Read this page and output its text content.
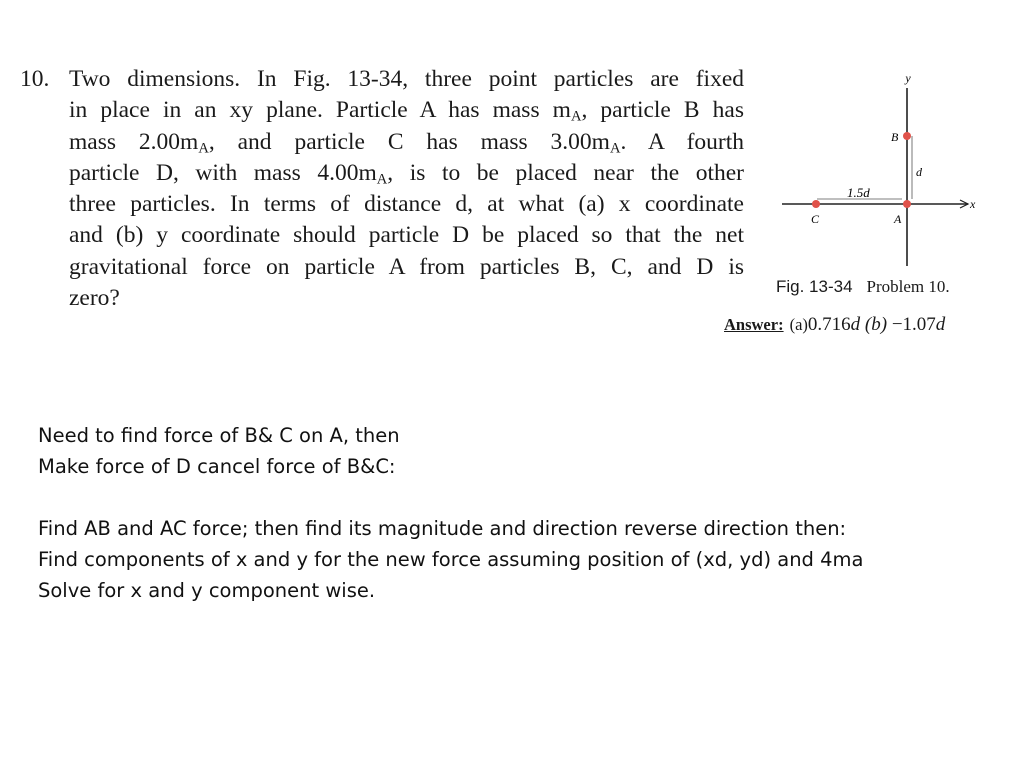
10. Two dimensions. In Fig. 13-34, three point particles are fixed
in place in an xy plane. Particle A has mass $m_A$, particle B has
mass $2.00m_A$, and particle C has mass $3.00m_A$. A fourth
particle D, with mass $4.00m_A$, is to be placed near the other
three particles. In terms of distance d, at what (a) x coordinate
and (b) y coordinate should particle D be placed so that the net
gravitational force on particle A from particles B, C, and D is
zero?
y
x
B
d
1.5d
C	A
Fig. 13-34 Problem 10.
Answer: (a)0.716d (b) −1.07d

Need to find force of B& C on A, then

Make force of D cancel force of B&C:

Find AB and AC force; then find its magnitude and direction reverse direction then:

Find components of x and y for the new force assuming position of (xd, yd) and 4ma

Solve for x and y component wise.
